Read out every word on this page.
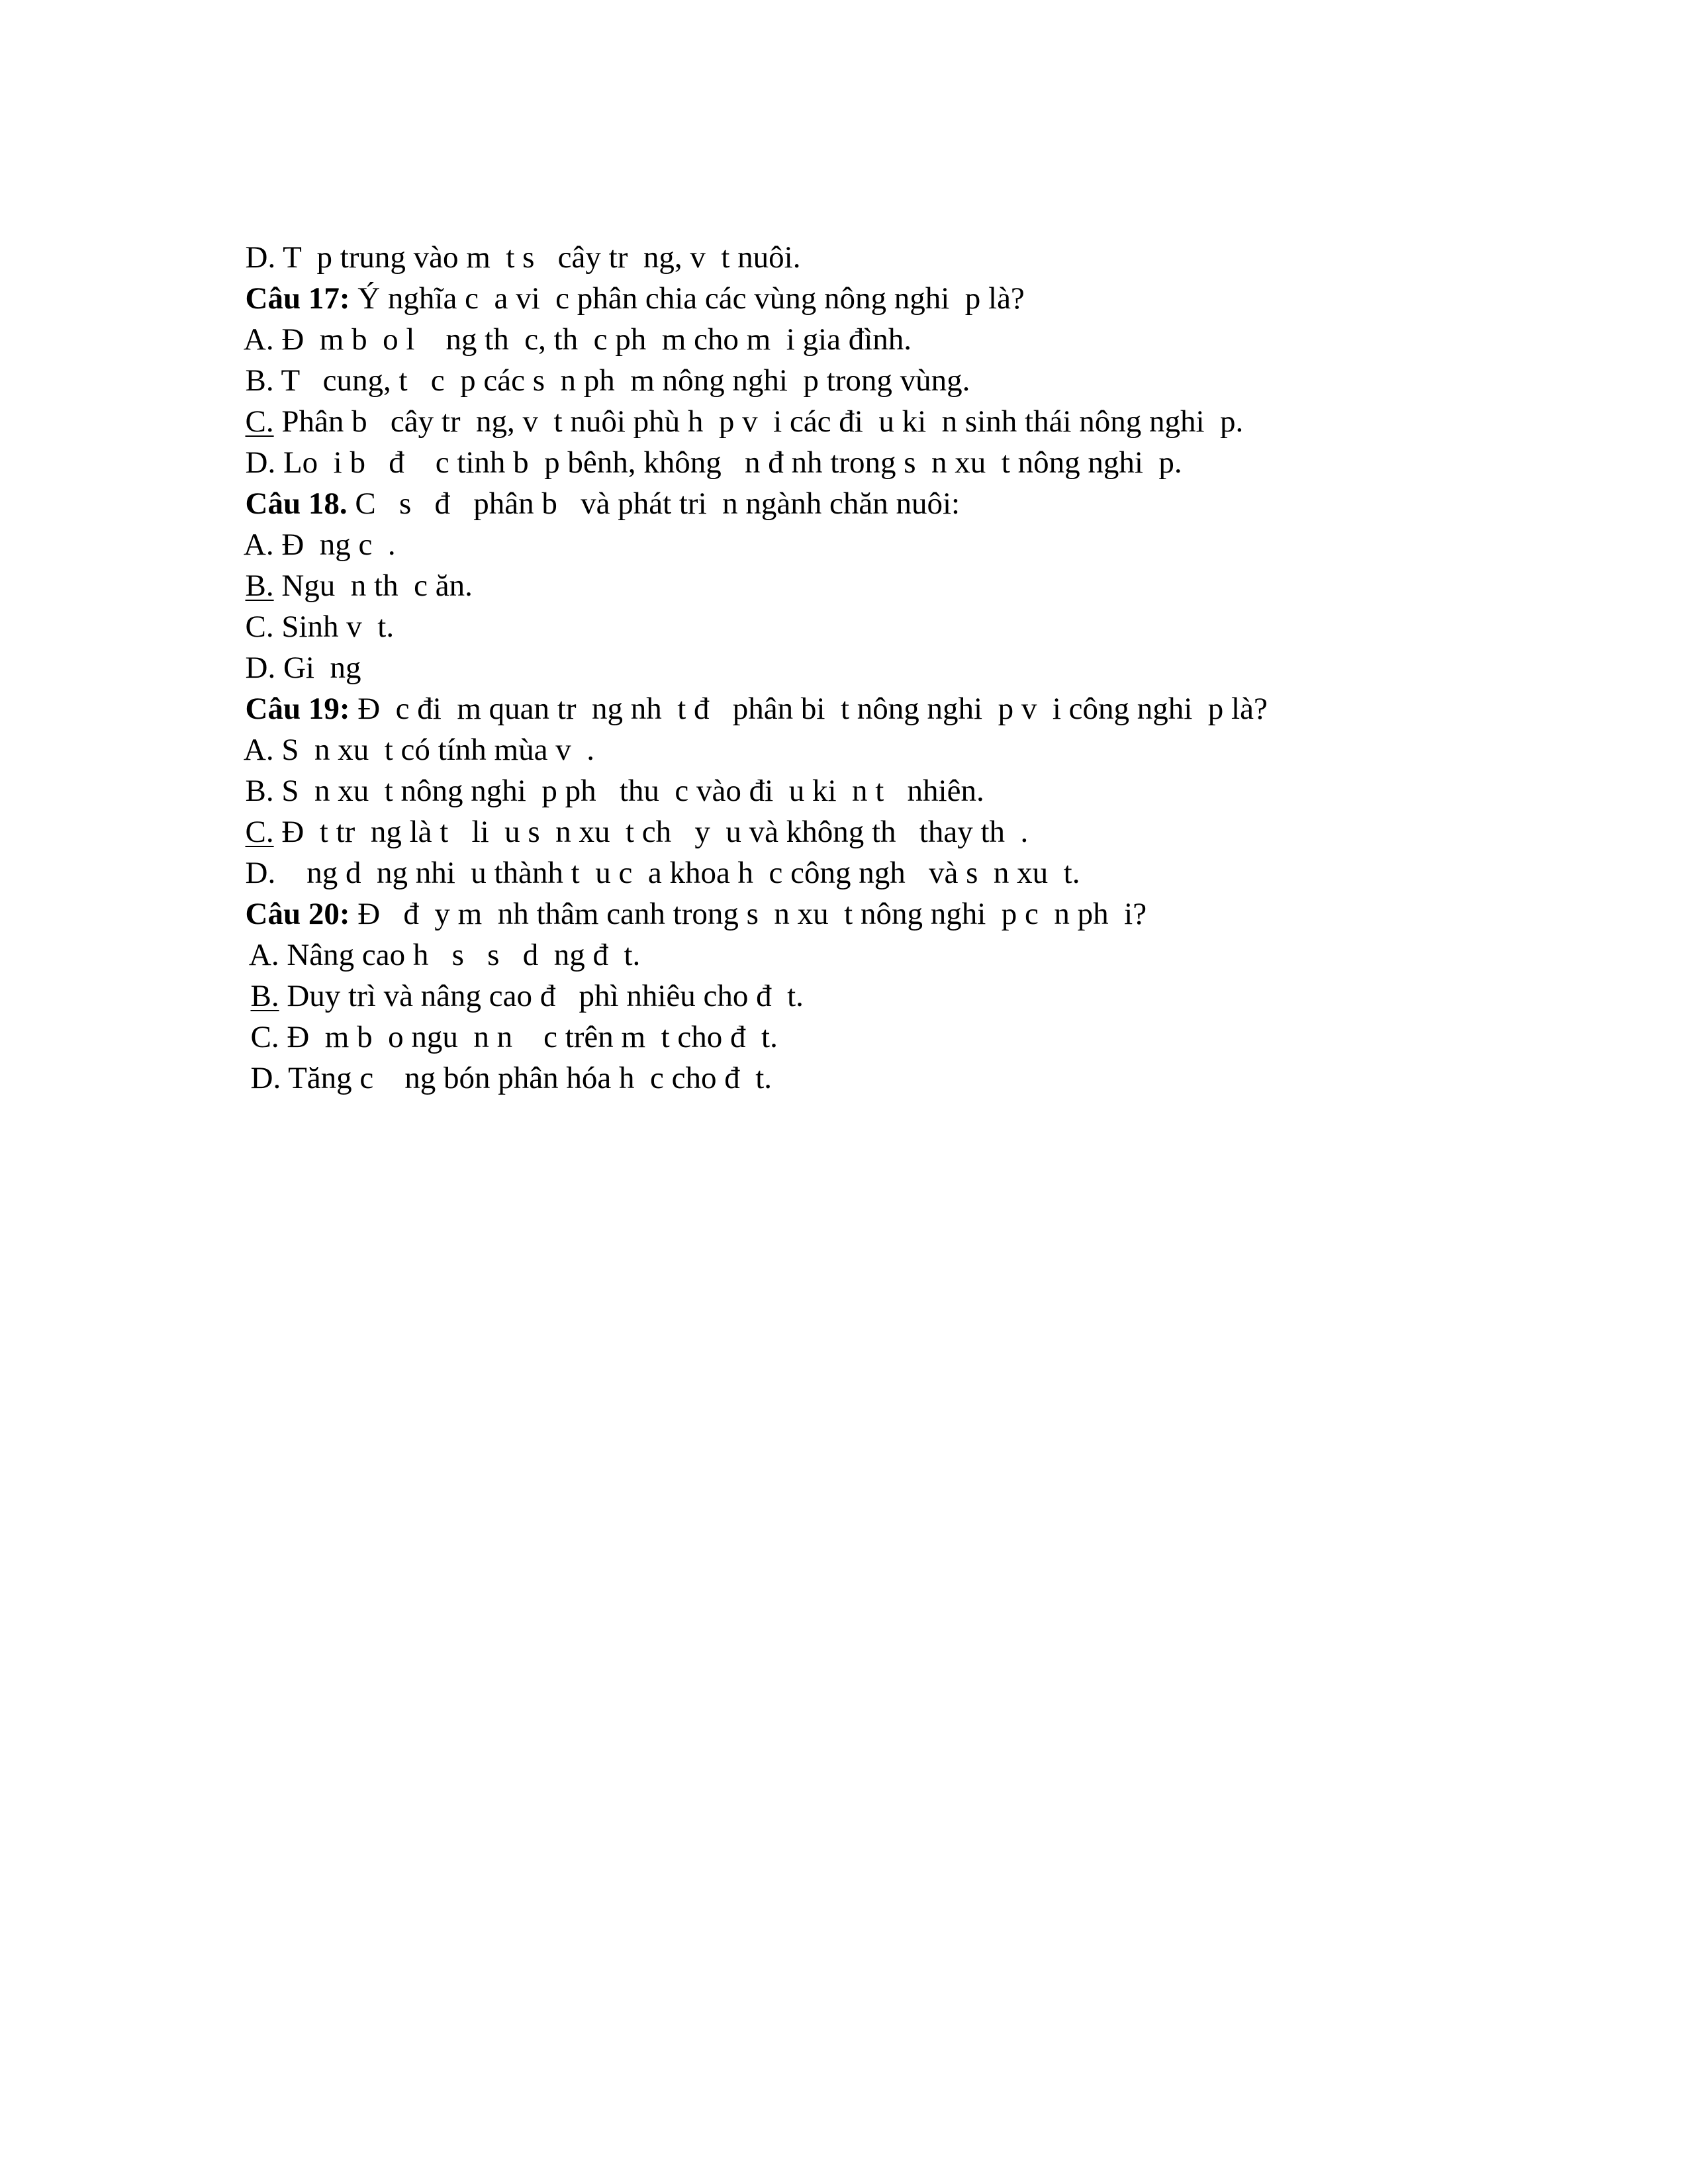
D. T  p trung vào m  t s   cây tr  ng, v  t nuôi.

Câu 17: Ý nghĩa c  a vi  c phân chia các vùng nông nghi  p là?

A. Đ  m b  o l    ng th  c, th  c ph  m cho m  i gia đình.

B. T   cung, t   c  p các s  n ph  m nông nghi  p trong vùng.

C. Phân b   cây tr  ng, v  t nuôi phù h  p v  i các đi  u ki  n sinh thái nông nghi  p.

D. Lo  i b   đ    c tinh b  p bênh, không   n đ nh trong s  n xu  t nông nghi  p.

Câu 18. C   s   đ   phân b   và phát tri  n ngành chăn nuôi:

A. Đ  ng c  .

B. Ngu  n th  c ăn.

C. Sinh v  t.

D. Gi  ng

Câu 19: Đ  c đi  m quan tr  ng nh  t đ   phân bi  t nông nghi  p v  i công nghi  p là?

A. S  n xu  t có tính mùa v  .

B. S  n xu  t nông nghi  p ph   thu  c vào đi  u ki  n t   nhiên.

C. Đ  t tr  ng là t   li  u s  n xu  t ch   y  u và không th   thay th  .

D.    ng d  ng nhi  u thành t  u c  a khoa h  c công ngh   và s  n xu  t.

Câu 20: Đ   đ  y m  nh thâm canh trong s  n xu  t nông nghi  p c  n ph  i?

A. Nâng cao h   s   s   d  ng đ  t.

B. Duy trì và nâng cao đ   phì nhiêu cho đ  t.

C. Đ  m b  o ngu  n n    c trên m  t cho đ  t.

D. Tăng c    ng bón phân hóa h  c cho đ  t.
